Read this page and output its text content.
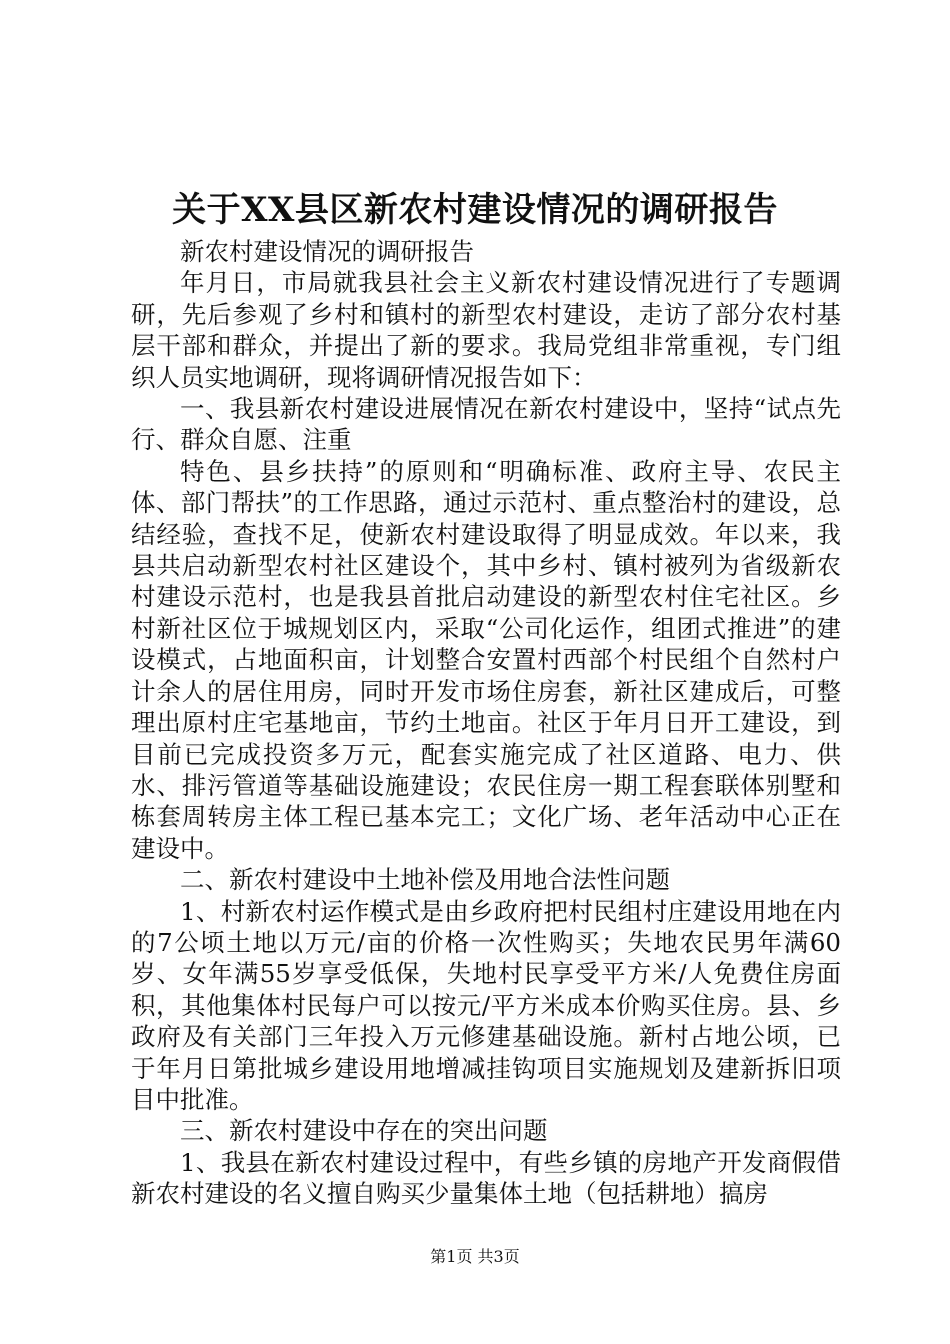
关于XX县区新农村建设情况的调研报告

新农村建设情况的调研报告

年月日，市局就我县社会主义新农村建设情况进行了专题调研，先后参观了乡村和镇村的新型农村建设，走访了部分农村基层干部和群众，并提出了新的要求。我局党组非常重视，专门组织人员实地调研，现将调研情况报告如下：

一、我县新农村建设进展情况在新农村建设中，坚持“试点先行、群众自愿、注重

特色、县乡扶持”的原则和“明确标准、政府主导、农民主体、部门帮扶”的工作思路，通过示范村、重点整治村的建设，总结经验，查找不足，使新农村建设取得了明显成效。年以来，我县共启动新型农村社区建设个，其中乡村、镇村被列为省级新农村建设示范村，也是我县首批启动建设的新型农村住宅社区。乡村新社区位于城规划区内，采取“公司化运作，组团式推进”的建设模式，占地面积亩，计划整合安置村西部个村民组个自然村户计余人的居住用房，同时开发市场住房套，新社区建成后，可整理出原村庄宅基地亩，节约土地亩。社区于年月日开工建设，到目前已完成投资多万元，配套实施完成了社区道路、电力、供水、排污管道等基础设施建设；农民住房一期工程套联体别墅和栋套周转房主体工程已基本完工；文化广场、老年活动中心正在建设中。

二、新农村建设中土地补偿及用地合法性问题

1、村新农村运作模式是由乡政府把村民组村庄建设用地在内的7公顷土地以万元/亩的价格一次性购买；失地农民男年满60岁、女年满55岁享受低保，失地村民享受平方米/人免费住房面积，其他集体村民每户可以按元/平方米成本价购买住房。县、乡政府及有关部门三年投入万元修建基础设施。新村占地公顷，已于年月日第批城乡建设用地增减挂钩项目实施规划及建新拆旧项目中批准。

三、新农村建设中存在的突出问题

1、我县在新农村建设过程中，有些乡镇的房地产开发商假借新农村建设的名义擅自购买少量集体土地（包括耕地）搞房

第1页 共3页
